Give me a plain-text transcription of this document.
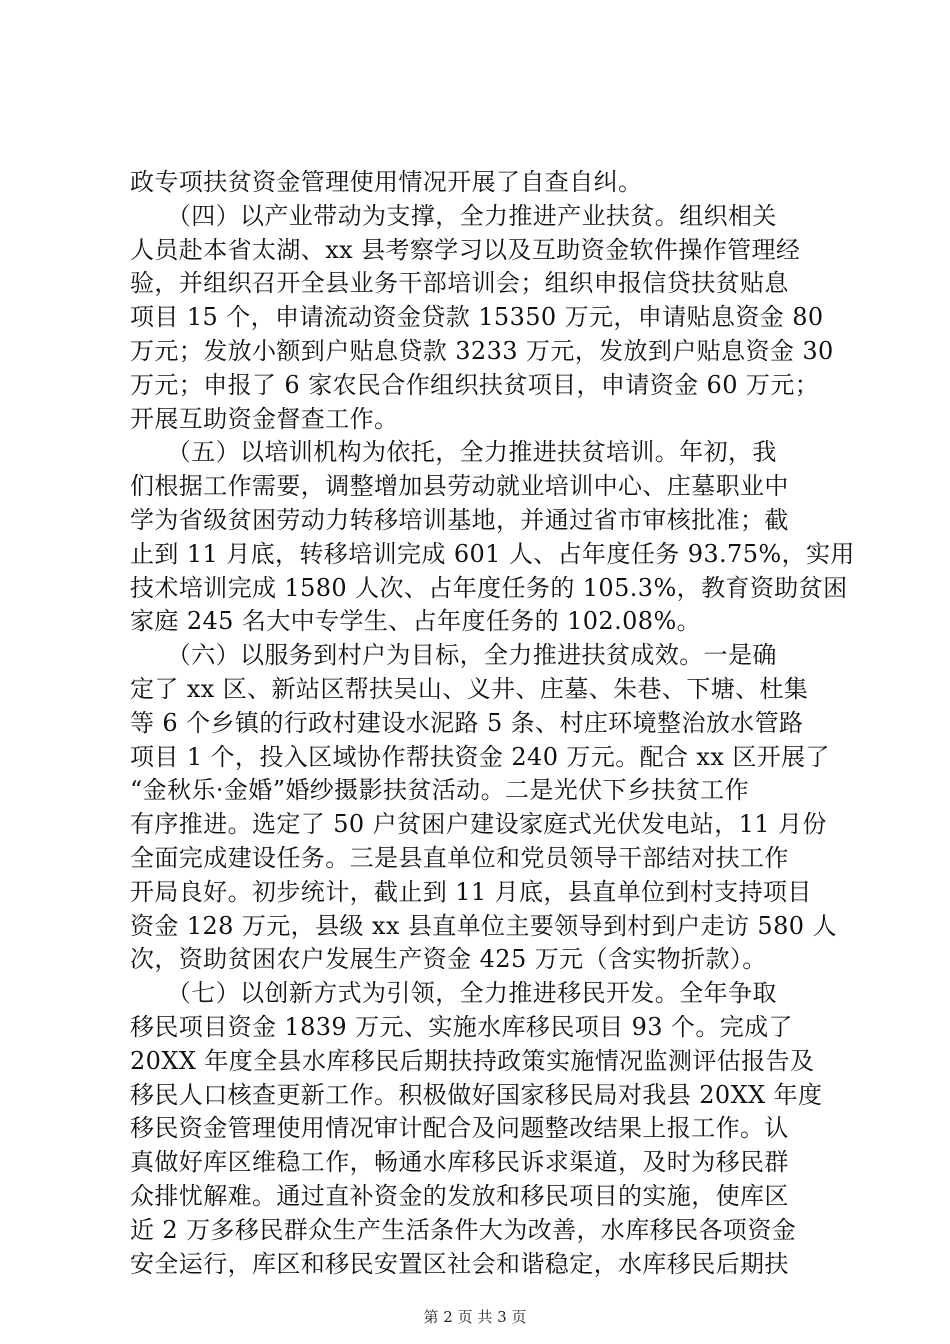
政专项扶贫资金管理使用情况开展了自查自纠。
　　（四）以产业带动为支撑，全力推进产业扶贫。组织相关
人员赴本省太湖、xx 县考察学习以及互助资金软件操作管理经
验，并组织召开全县业务干部培训会；组织申报信贷扶贫贴息
项目 15 个，申请流动资金贷款 15350 万元，申请贴息资金 80
万元；发放小额到户贴息贷款 3233 万元，发放到户贴息资金 30
万元；申报了 6 家农民合作组织扶贫项目，申请资金 60 万元；
开展互助资金督查工作。
　　（五）以培训机构为依托，全力推进扶贫培训。年初，我
们根据工作需要，调整增加县劳动就业培训中心、庄墓职业中
学为省级贫困劳动力转移培训基地，并通过省市审核批准；截
止到 11 月底，转移培训完成 601 人、占年度任务 93.75%，实用
技术培训完成 1580 人次、占年度任务的 105.3%，教育资助贫困
家庭 245 名大中专学生、占年度任务的 102.08%。
　　（六）以服务到村户为目标，全力推进扶贫成效。一是确
定了 xx 区、新站区帮扶吴山、义井、庄墓、朱巷、下塘、杜集
等 6 个乡镇的行政村建设水泥路 5 条、村庄环境整治放水管路
项目 1 个，投入区域协作帮扶资金 240 万元。配合 xx 区开展了
“金秋乐·金婚”婚纱摄影扶贫活动。二是光伏下乡扶贫工作
有序推进。选定了 50 户贫困户建设家庭式光伏发电站，11 月份
全面完成建设任务。三是县直单位和党员领导干部结对扶工作
开局良好。初步统计，截止到 11 月底，县直单位到村支持项目
资金 128 万元，县级 xx 县直单位主要领导到村到户走访 580 人
次，资助贫困农户发展生产资金 425 万元（含实物折款）。
　　（七）以创新方式为引领，全力推进移民开发。全年争取
移民项目资金 1839 万元、实施水库移民项目 93 个。完成了
20XX 年度全县水库移民后期扶持政策实施情况监测评估报告及
移民人口核查更新工作。积极做好国家移民局对我县 20XX 年度
移民资金管理使用情况审计配合及问题整改结果上报工作。认
真做好库区维稳工作，畅通水库移民诉求渠道，及时为移民群
众排忧解难。通过直补资金的发放和移民项目的实施，使库区
近 2 万多移民群众生产生活条件大为改善，水库移民各项资金
安全运行，库区和移民安置区社会和谐稳定，水库移民后期扶
第 2 页 共 3 页
